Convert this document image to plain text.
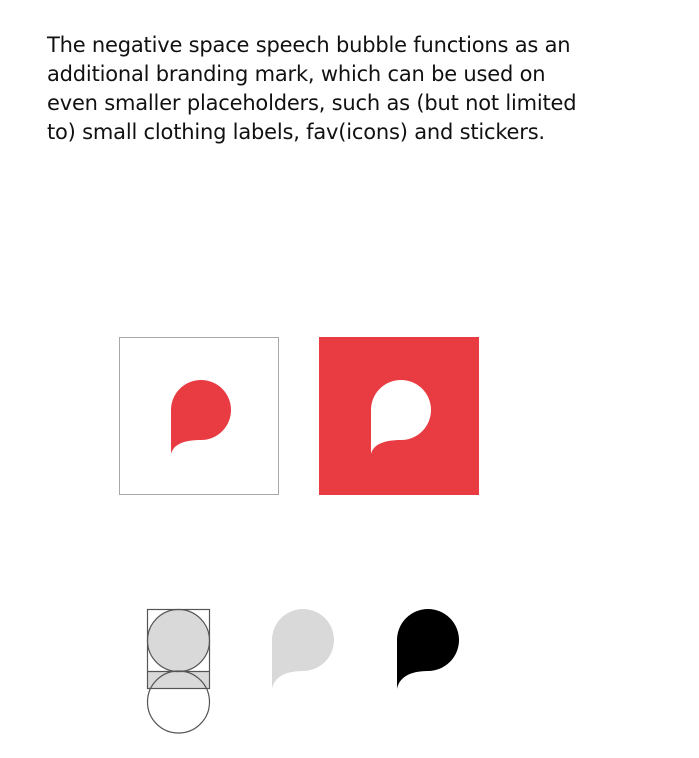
The negative space speech bubble functions as an additional branding mark, which can be used on even smaller placeholders, such as (but not limited to) small clothing labels, fav(icons) and stickers.
